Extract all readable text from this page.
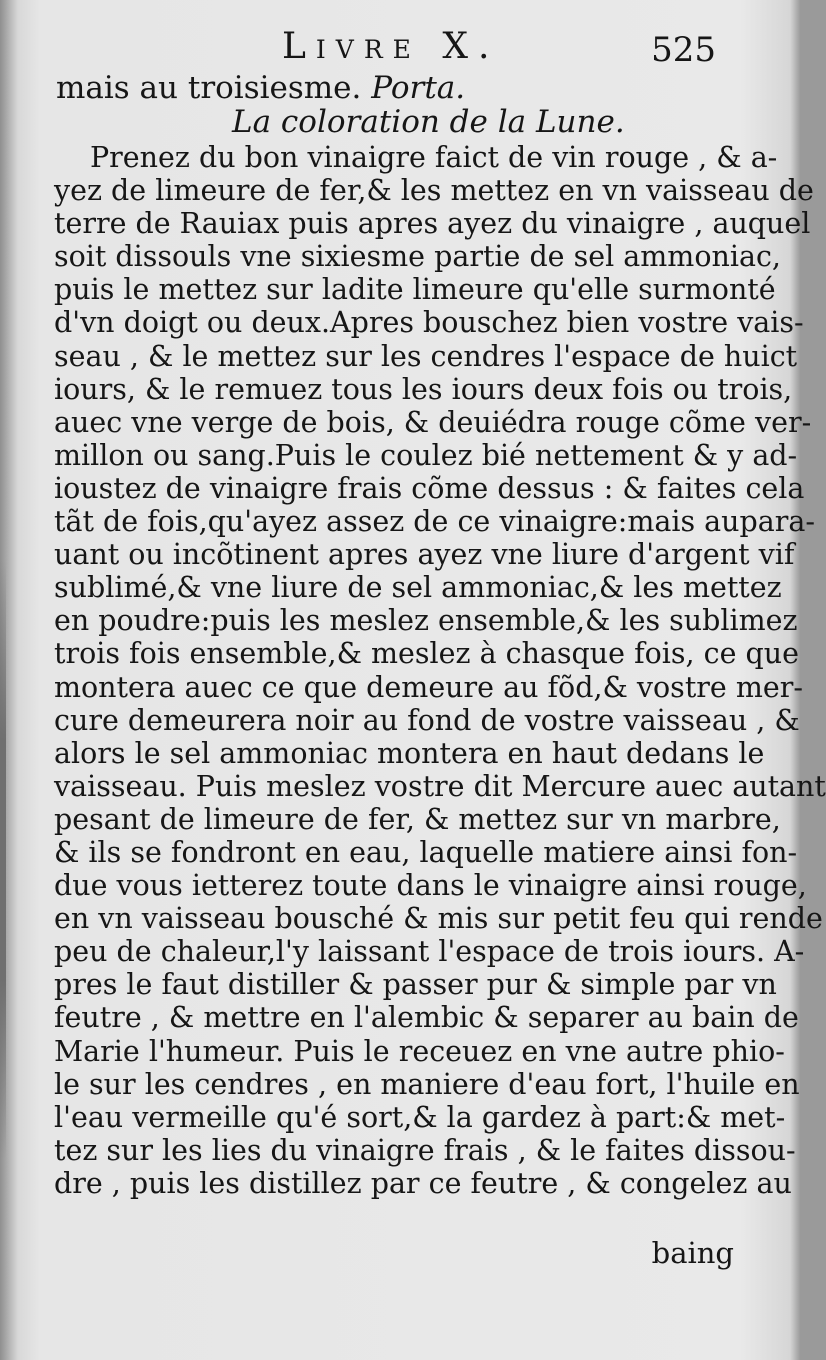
Livre X.	525
mais au troisiesme. Porta.
La coloration de la Lune.
Prenez du bon vinaigre faict de vin rouge , & a-
yez de limeure de fer,& les mettez en vn vaisseau de
terre de Rauiax puis apres ayez du vinaigre , auquel
soit dissouls vne sixiesme partie de sel ammoniac,
puis le mettez sur ladite limeure qu'elle surmonté
d'vn doigt ou deux.Apres bouschez bien vostre vais-
seau , & le mettez sur les cendres l'espace de huict
iours, & le remuez tous les iours deux fois ou trois,
auec vne verge de bois, & deuiédra rouge cõme ver-
millon ou sang.Puis le coulez bié nettement & y ad-
ioustez de vinaigre frais cõme dessus : & faites cela
tãt de fois,qu'ayez assez de ce vinaigre:mais aupara-
uant ou incõtinent apres ayez vne liure d'argent vif
sublimé,& vne liure de sel ammoniac,& les mettez
en poudre:puis les meslez ensemble,& les sublimez
trois fois ensemble,& meslez à chasque fois, ce que
montera auec ce que demeure au fõd,& vostre mer-
cure demeurera noir au fond de vostre vaisseau , &
alors le sel ammoniac montera en haut dedans le
vaisseau. Puis meslez vostre dit Mercure auec autant
pesant de limeure de fer, & mettez sur vn marbre,
& ils se fondront en eau, laquelle matiere ainsi fon-
due vous ietterez toute dans le vinaigre ainsi rouge,
en vn vaisseau bousché & mis sur petit feu qui rende
peu de chaleur,l'y laissant l'espace de trois iours. A-
pres le faut distiller & passer pur & simple par vn
feutre , & mettre en l'alembic & separer au bain de
Marie l'humeur. Puis le receuez en vne autre phio-
le sur les cendres , en maniere d'eau fort, l'huile en
l'eau vermeille qu'é sort,& la gardez à part:& met-
tez sur les lies du vinaigre frais , & le faites dissou-
dre , puis les distillez par ce feutre , & congelez au
baing
